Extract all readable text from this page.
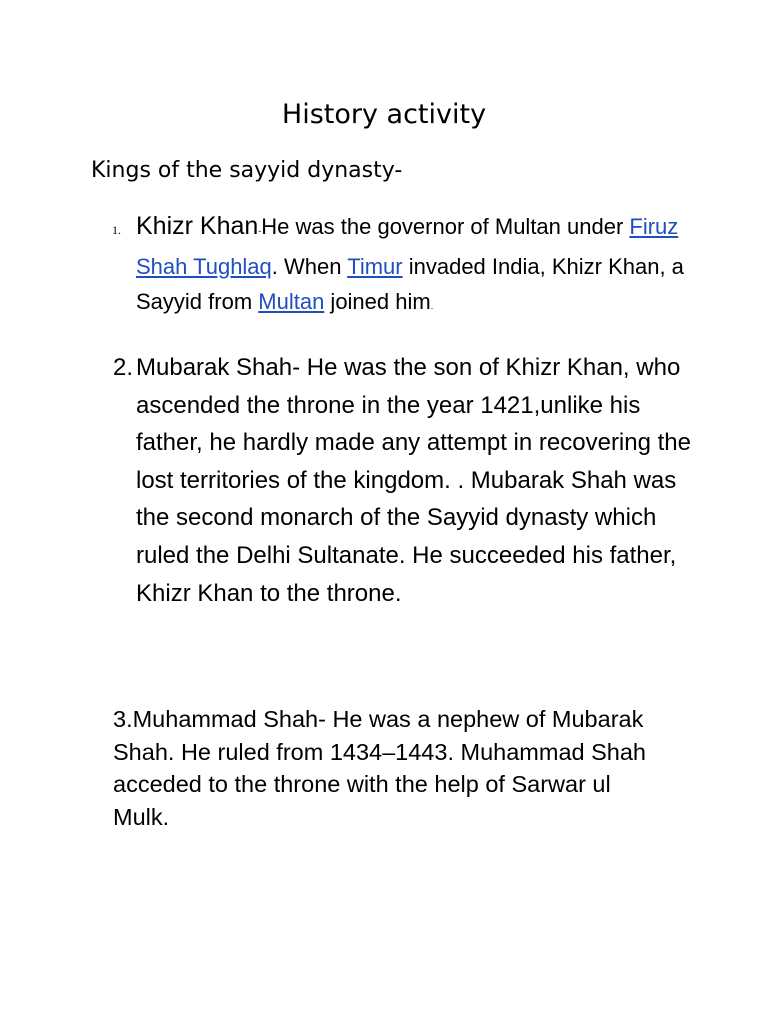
History activity
Kings of the sayyid dynasty-
1. Khizr Khan-He was the governor of Multan under Firuz Shah Tughlaq. When Timur invaded India, Khizr Khan, a Sayyid from Multan joined him.
2. Mubarak Shah- He was the son of Khizr Khan, who ascended the throne in the year 1421,unlike his father, he hardly made any attempt in recovering the lost territories of the kingdom. . Mubarak Shah was the second monarch of the Sayyid dynasty which ruled the Delhi Sultanate. He succeeded his father, Khizr Khan to the throne.
3.Muhammad Shah- He was a nephew of Mubarak Shah. He ruled from 1434–1443. Muhammad Shah acceded to the throne with the help of Sarwar ul Mulk.
